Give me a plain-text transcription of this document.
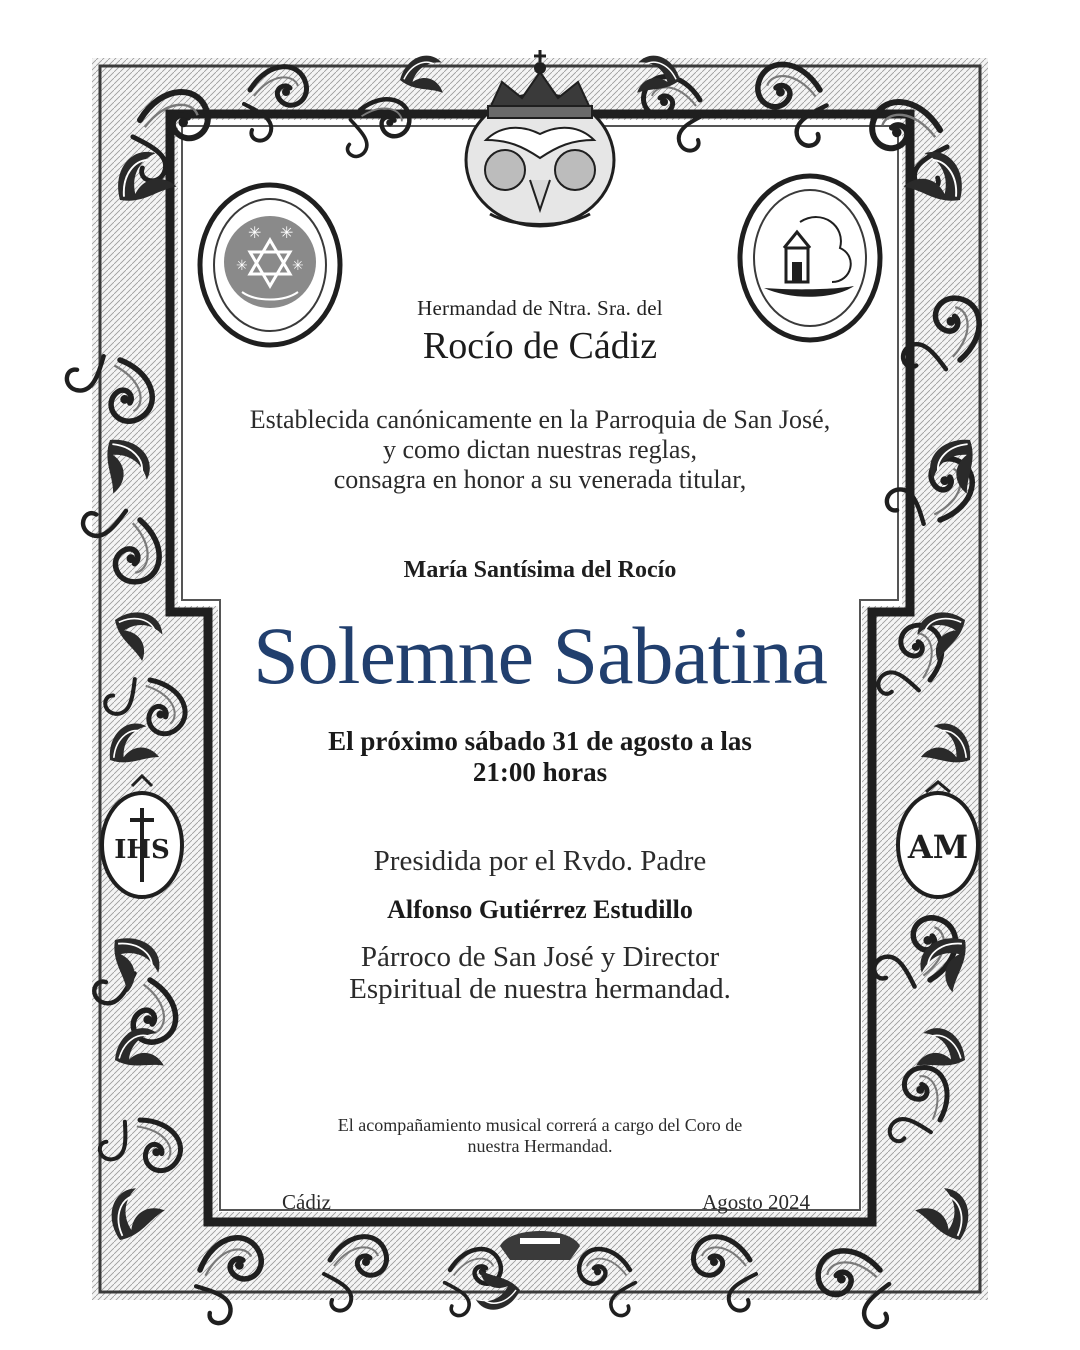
✳ ✳
✳	✳
IHS	AM

Hermandad de Ntra. Sra. del

Rocío de Cádiz

Establecida canónicamente en la Parroquia de San José,
y como dictan nuestras reglas,
consagra en honor a su venerada titular,

María Santísima del Rocío

Solemne Sabatina

El próximo sábado 31 de agosto a las
21:00 horas

Presidida por el Rvdo. Padre

Alfonso Gutiérrez Estudillo

Párroco de San José y Director
Espiritual de nuestra hermandad.
El acompañamiento musical correrá a cargo del Coro de
nuestra Hermandad.

Cádiz	Agosto 2024
